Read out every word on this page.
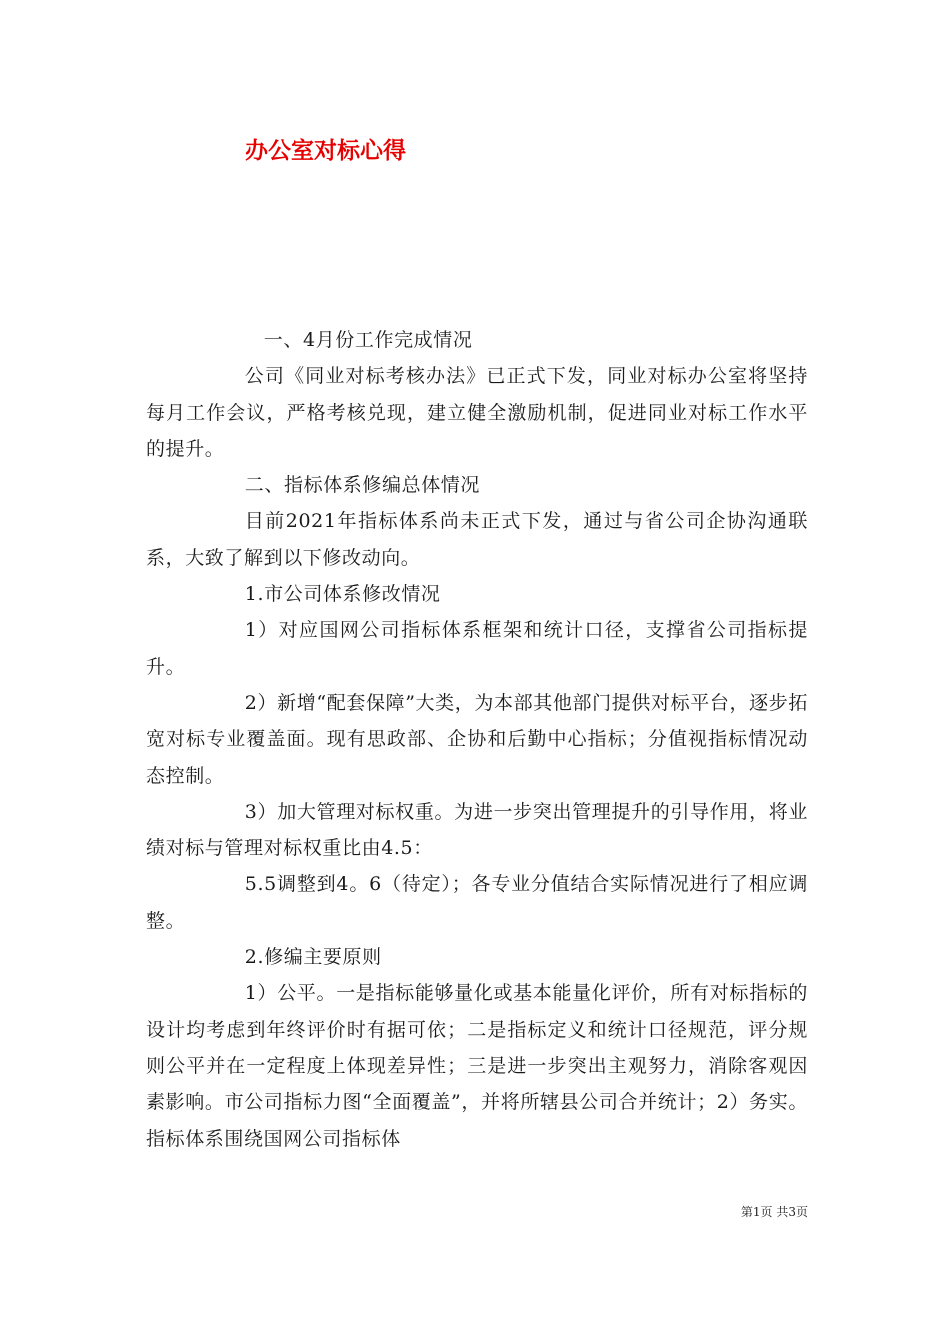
办公室对标心得

一、4月份工作完成情况

公司《同业对标考核办法》已正式下发，同业对标办公室将坚持每月工作会议，严格考核兑现，建立健全激励机制，促进同业对标工作水平的提升。

二、指标体系修编总体情况

目前2021年指标体系尚未正式下发，通过与省公司企协沟通联系，大致了解到以下修改动向。

1.市公司体系修改情况

1）对应国网公司指标体系框架和统计口径，支撑省公司指标提升。

2）新增“配套保障”大类，为本部其他部门提供对标平台，逐步拓宽对标专业覆盖面。现有思政部、企协和后勤中心指标；分值视指标情况动态控制。

3）加大管理对标权重。为进一步突出管理提升的引导作用，将业绩对标与管理对标权重比由4.5：

5.5调整到4。6（待定）；各专业分值结合实际情况进行了相应调整。

2.修编主要原则

1）公平。一是指标能够量化或基本能量化评价，所有对标指标的设计均考虑到年终评价时有据可依；二是指标定义和统计口径规范，评分规则公平并在一定程度上体现差异性；三是进一步突出主观努力，消除客观因素影响。市公司指标力图“全面覆盖”，并将所辖县公司合并统计；2）务实。指标体系围绕国网公司指标体

第1页 共3页
